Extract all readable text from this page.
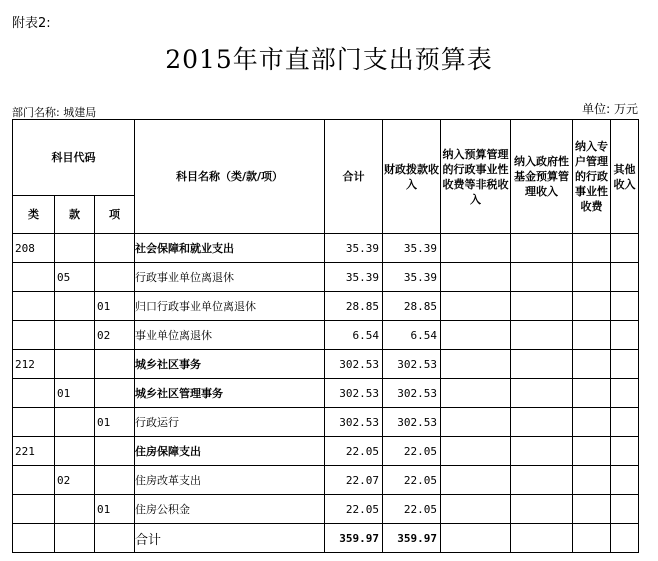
附表2:
2015年市直部门支出预算表
部门名称: 城建局	单位: 万元
科目代码			科目名称（类/款/项）	合计	财政拨款收入	纳入预算管理的行政事业性收费等非税收入	纳入政府性基金预算管理收入	纳入专户管理的行政事业性收费	其他收入
类	款	项							
208			社会保障和就业支出	35.39	35.39				
	05		行政事业单位离退休	35.39	35.39				
		01	归口行政事业单位离退休	28.85	28.85				
		02	事业单位离退休	6.54	6.54				
212			城乡社区事务	302.53	302.53				
	01		城乡社区管理事务	302.53	302.53				
		01	行政运行	302.53	302.53				
221			住房保障支出	22.05	22.05				
	02		住房改革支出	22.07	22.05				
		01	住房公积金	22.05	22.05				
			合计	359.97	359.97				
